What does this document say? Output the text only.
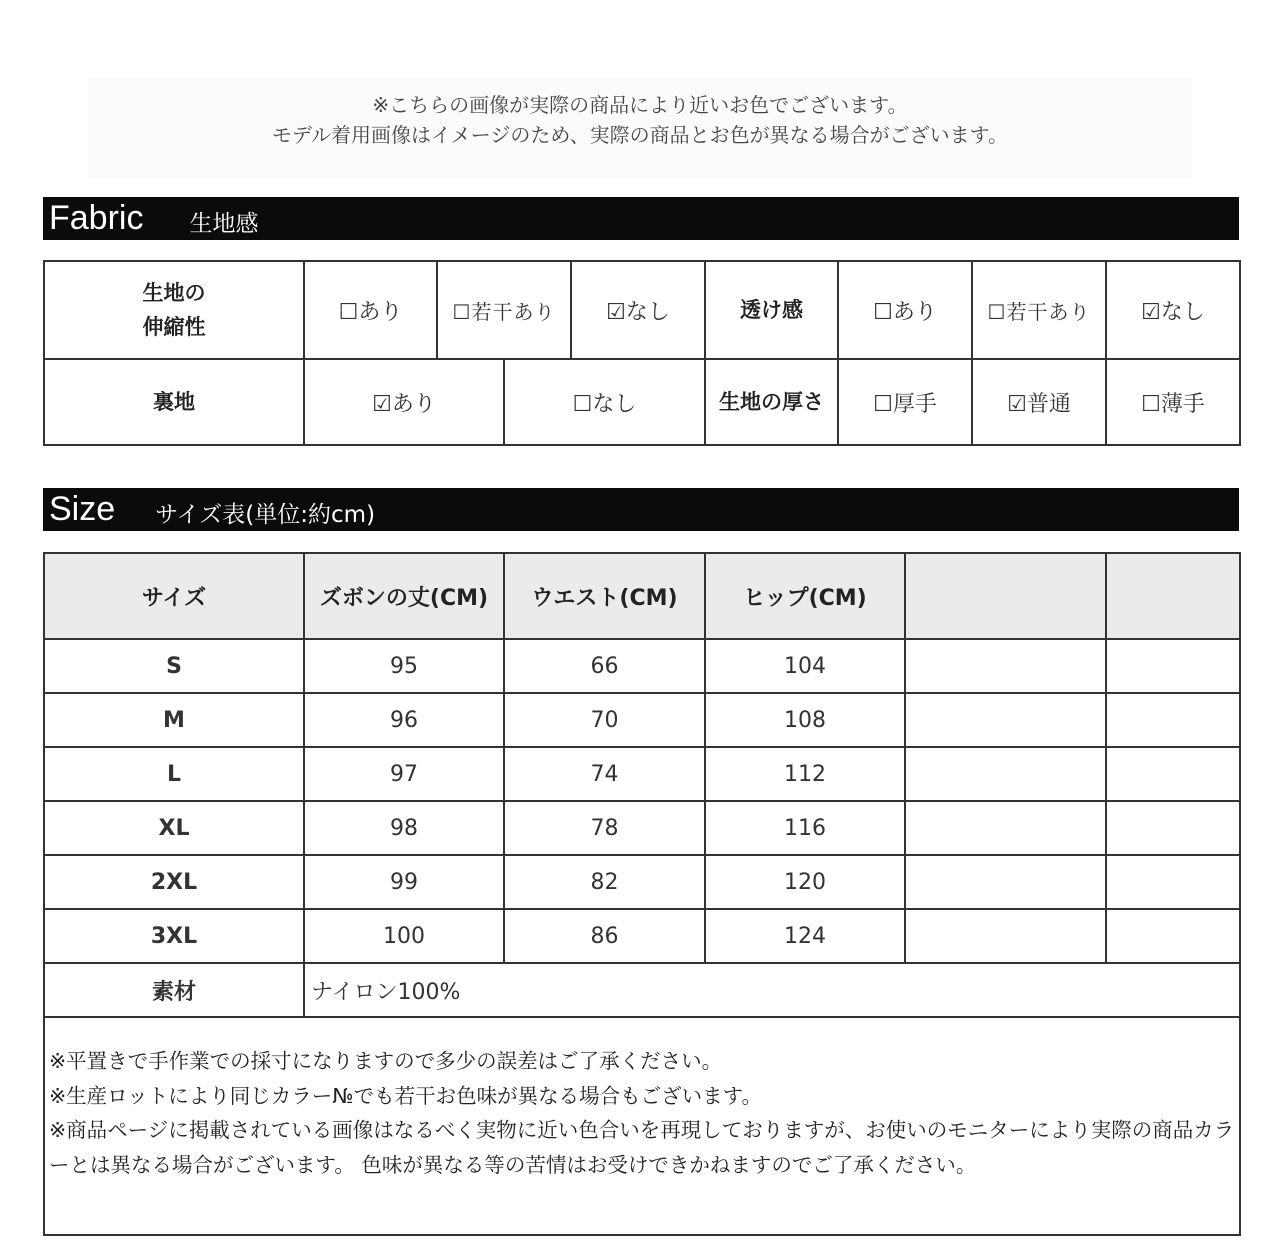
※こちらの画像が実際の商品により近いお色でございます。
モデル着用画像はイメージのため、実際の商品とお色が異なる場合がございます。
Fabric 生地感
生地の
伸縮性	☐あり	☐若干あり		☑なし	透け感	☐あり	☐若干あり	☑なし
裏地	☑あり		☐なし		生地の厚さ	☐厚手	☑普通	☐薄手
Size サイズ表(単位:約cm)
サイズ	ズボンの丈(CM)	ウエスト(CM)	ヒップ(CM)		
S	95	66	104		
M	96	70	108		
L	97	74	112		
XL	98	78	116		
2XL	99	82	120		
3XL	100	86	124		
素材	ナイロン100%				

※平置きで手作業での採寸になりますので多少の誤差はご了承ください。
※生産ロットにより同じカラー№でも若干お色味が異なる場合もございます。
※商品ページに掲載されている画像はなるべく実物に近い色合いを再現しておりますが、お使いのモニターにより実際の商品カラーとは異なる場合がございます。 色味が異なる等の苦情はお受けできかねますのでご了承ください。					
